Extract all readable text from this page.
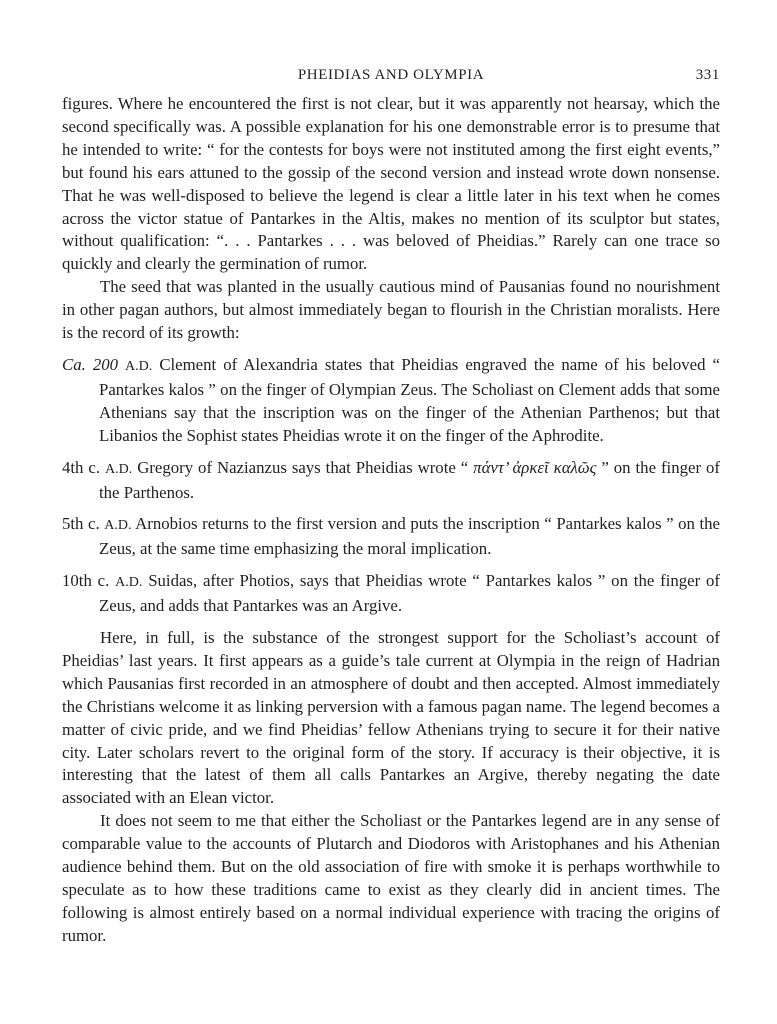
PHEIDIAS AND OLYMPIA	331

figures. Where he encountered the first is not clear, but it was apparently not hearsay, which the second specifically was. A possible explanation for his one demonstrable error is to presume that he intended to write: “ for the contests for boys were not instituted among the first eight events,” but found his ears attuned to the gossip of the second version and instead wrote down nonsense. That he was well-disposed to believe the legend is clear a little later in his text when he comes across the victor statue of Pantarkes in the Altis, makes no mention of its sculptor but states, without qualification: “. . . Pantarkes . . . was beloved of Pheidias.” Rarely can one trace so quickly and clearly the germination of rumor.

The seed that was planted in the usually cautious mind of Pausanias found no nourishment in other pagan authors, but almost immediately began to flourish in the Christian moralists. Here is the record of its growth:

Ca. 200 A.D. Clement of Alexandria states that Pheidias engraved the name of his beloved “ Pantarkes kalos ” on the finger of Olympian Zeus. The Scholiast on Clement adds that some Athenians say that the inscription was on the finger of the Athenian Parthenos; but that Libanios the Sophist states Pheidias wrote it on the finger of the Aphrodite.
4th c. A.D. Gregory of Nazianzus says that Pheidias wrote “ πάντ’ ἀρκεῖ καλῶς ” on the finger of the Parthenos.
5th c. A.D. Arnobios returns to the first version and puts the inscription “ Pantarkes kalos ” on the Zeus, at the same time emphasizing the moral implication.
10th c. A.D. Suidas, after Photios, says that Pheidias wrote “ Pantarkes kalos ” on the finger of Zeus, and adds that Pantarkes was an Argive.

Here, in full, is the substance of the strongest support for the Scholiast’s account of Pheidias’ last years. It first appears as a guide’s tale current at Olympia in the reign of Hadrian which Pausanias first recorded in an atmosphere of doubt and then accepted. Almost immediately the Christians welcome it as linking perversion with a famous pagan name. The legend becomes a matter of civic pride, and we find Pheidias’ fellow Athenians trying to secure it for their native city. Later scholars revert to the original form of the story. If accuracy is their objective, it is interesting that the latest of them all calls Pantarkes an Argive, thereby negating the date associated with an Elean victor.

It does not seem to me that either the Scholiast or the Pantarkes legend are in any sense of comparable value to the accounts of Plutarch and Diodoros with Aristophanes and his Athenian audience behind them. But on the old association of fire with smoke it is perhaps worthwhile to speculate as to how these traditions came to exist as they clearly did in ancient times. The following is almost entirely based on a normal individual experience with tracing the origins of rumor.
